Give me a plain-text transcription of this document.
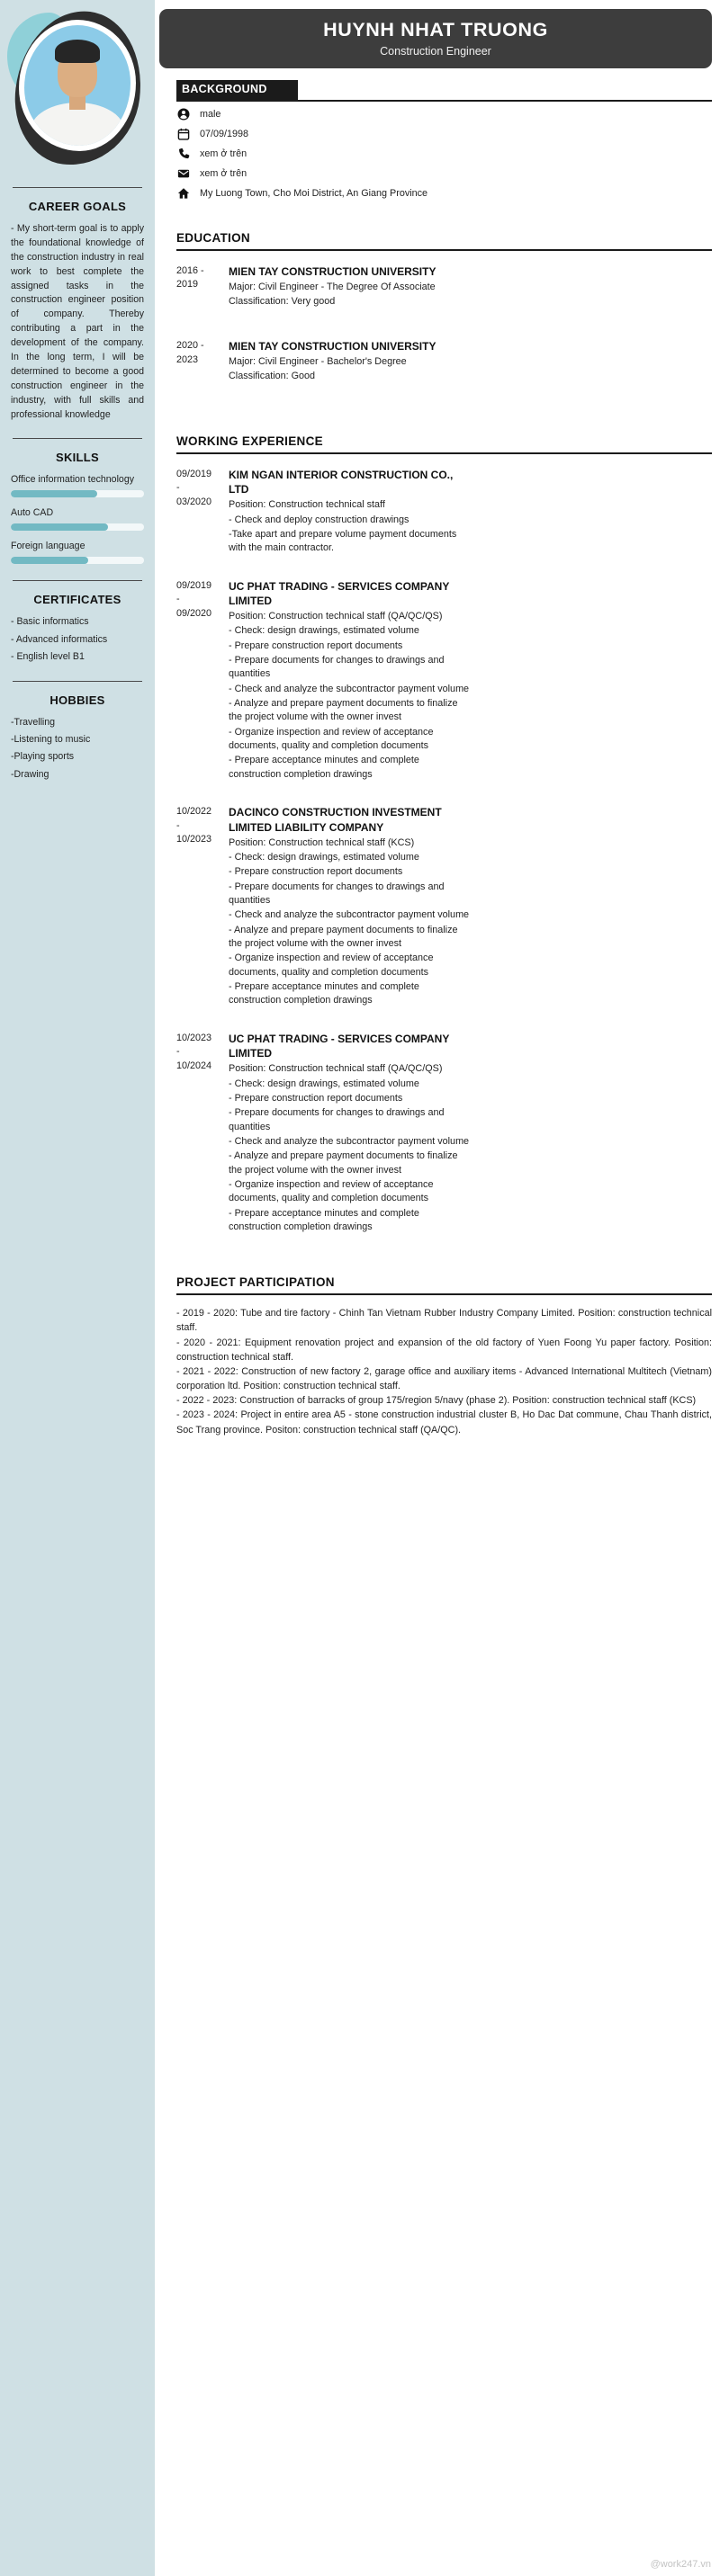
CAREER GOALS

- My short-term goal is to apply the foundational knowledge of the construction industry in real work to best complete the assigned tasks in the construction engineer position of company. Thereby contributing a part in the development of the company. In the long term, I will be determined to become a good construction engineer in the industry, with full skills and professional knowledge

SKILLS
Office information technology
Auto CAD
Foreign language
CERTIFICATES
- Basic informatics
- Advanced informatics
- English level B1
HOBBIES
-Travelling
-Listening to music
-Playing sports
-Drawing
HUYNH NHAT TRUONG
Construction Engineer
BACKGROUND
male
07/09/1998
xem ở trên
xem ở trên
My Luong Town, Cho Moi District, An Giang Province
EDUCATION
2016 -
2019
MIEN TAY CONSTRUCTION UNIVERSITY
Major: Civil Engineer - The Degree Of Associate
Classification: Very good
2020 -
2023
MIEN TAY CONSTRUCTION UNIVERSITY
Major: Civil Engineer - Bachelor's Degree
Classification: Good
WORKING EXPERIENCE
09/2019
-
03/2020
KIM NGAN INTERIOR CONSTRUCTION CO., LTD
Position: Construction technical staff
- Check and deploy construction drawings
-Take apart and prepare volume payment documents with the main contractor.
09/2019
-
09/2020
UC PHAT TRADING - SERVICES COMPANY LIMITED
Position: Construction technical staff (QA/QC/QS)
- Check: design drawings, estimated volume
- Prepare construction report documents
- Prepare documents for changes to drawings and quantities
- Check and analyze the subcontractor payment volume
- Analyze and prepare payment documents to finalize the project volume with the owner invest
- Organize inspection and review of acceptance documents, quality and completion documents
- Prepare acceptance minutes and complete construction completion drawings
10/2022
-
10/2023
DACINCO CONSTRUCTION INVESTMENT LIMITED LIABILITY COMPANY
Position: Construction technical staff (KCS)
- Check: design drawings, estimated volume
- Prepare construction report documents
- Prepare documents for changes to drawings and quantities
- Check and analyze the subcontractor payment volume
- Analyze and prepare payment documents to finalize the project volume with the owner invest
- Organize inspection and review of acceptance documents, quality and completion documents
- Prepare acceptance minutes and complete construction completion drawings
10/2023
-
10/2024
UC PHAT TRADING - SERVICES COMPANY LIMITED
Position: Construction technical staff (QA/QC/QS)
- Check: design drawings, estimated volume
- Prepare construction report documents
- Prepare documents for changes to drawings and quantities
- Check and analyze the subcontractor payment volume
- Analyze and prepare payment documents to finalize the project volume with the owner invest
- Organize inspection and review of acceptance documents, quality and completion documents
- Prepare acceptance minutes and complete construction completion drawings
PROJECT PARTICIPATION

- 2019 - 2020: Tube and tire factory - Chinh Tan Vietnam Rubber Industry Company Limited. Position: construction technical staff.

- 2020 - 2021: Equipment renovation project and expansion of the old factory of Yuen Foong Yu paper factory. Position: construction technical staff.

- 2021 - 2022: Construction of new factory 2, garage office and auxiliary items - Advanced International Multitech (Vietnam) corporation ltd. Position: construction technical staff.

- 2022 - 2023: Construction of barracks of group 175/region 5/navy (phase 2). Position: construction technical staff (KCS)

- 2023 - 2024: Project in entire area A5 - stone construction industrial cluster B, Ho Dac Dat commune, Chau Thanh district, Soc Trang province. Positon: construction technical staff (QA/QC).

@work247.vn
